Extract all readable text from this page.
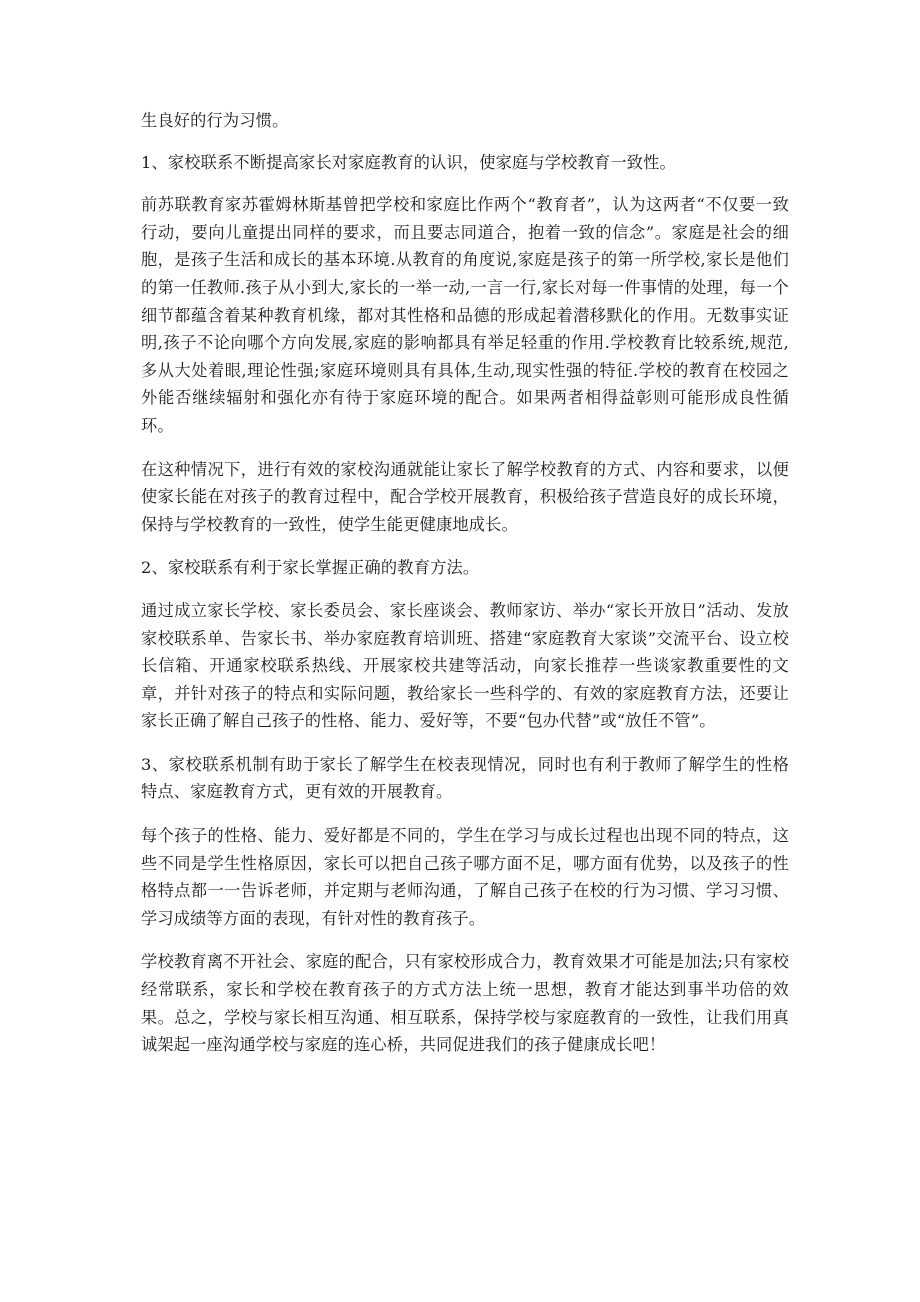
生良好的行为习惯。

1、家校联系不断提高家长对家庭教育的认识，使家庭与学校教育一致性。

前苏联教育家苏霍姆林斯基曾把学校和家庭比作两个“教育者”，认为这两者“不仅要一致行动，要向儿童提出同样的要求，而且要志同道合，抱着一致的信念”。家庭是社会的细胞，是孩子生活和成长的基本环境.从教育的角度说,家庭是孩子的第一所学校,家长是他们的第一任教师.孩子从小到大,家长的一举一动,一言一行,家长对每一件事情的处理，每一个细节都蕴含着某种教育机缘，都对其性格和品德的形成起着潜移默化的作用。无数事实证明,孩子不论向哪个方向发展,家庭的影响都具有举足轻重的作用.学校教育比较系统,规范,多从大处着眼,理论性强;家庭环境则具有具体,生动,现实性强的特征.学校的教育在校园之外能否继续辐射和强化亦有待于家庭环境的配合。如果两者相得益彰则可能形成良性循环。

在这种情况下，进行有效的家校沟通就能让家长了解学校教育的方式、内容和要求，以便使家长能在对孩子的教育过程中，配合学校开展教育，积极给孩子营造良好的成长环境，保持与学校教育的一致性，使学生能更健康地成长。

2、家校联系有利于家长掌握正确的教育方法。

通过成立家长学校、家长委员会、家长座谈会、教师家访、举办“家长开放日”活动、发放家校联系单、告家长书、举办家庭教育培训班、搭建“家庭教育大家谈”交流平台、设立校长信箱、开通家校联系热线、开展家校共建等活动，向家长推荐一些谈家教重要性的文章，并针对孩子的特点和实际问题，教给家长一些科学的、有效的家庭教育方法，还要让家长正确了解自己孩子的性格、能力、爱好等，不要“包办代替”或“放任不管”。

3、家校联系机制有助于家长了解学生在校表现情况，同时也有利于教师了解学生的性格特点、家庭教育方式，更有效的开展教育。

每个孩子的性格、能力、爱好都是不同的，学生在学习与成长过程也出现不同的特点，这些不同是学生性格原因，家长可以把自己孩子哪方面不足，哪方面有优势，以及孩子的性格特点都一一告诉老师，并定期与老师沟通，了解自己孩子在校的行为习惯、学习习惯、学习成绩等方面的表现，有针对性的教育孩子。

学校教育离不开社会、家庭的配合，只有家校形成合力，教育效果才可能是加法;只有家校经常联系，家长和学校在教育孩子的方式方法上统一思想，教育才能达到事半功倍的效果。总之，学校与家长相互沟通、相互联系，保持学校与家庭教育的一致性，让我们用真诚架起一座沟通学校与家庭的连心桥，共同促进我们的孩子健康成长吧！
